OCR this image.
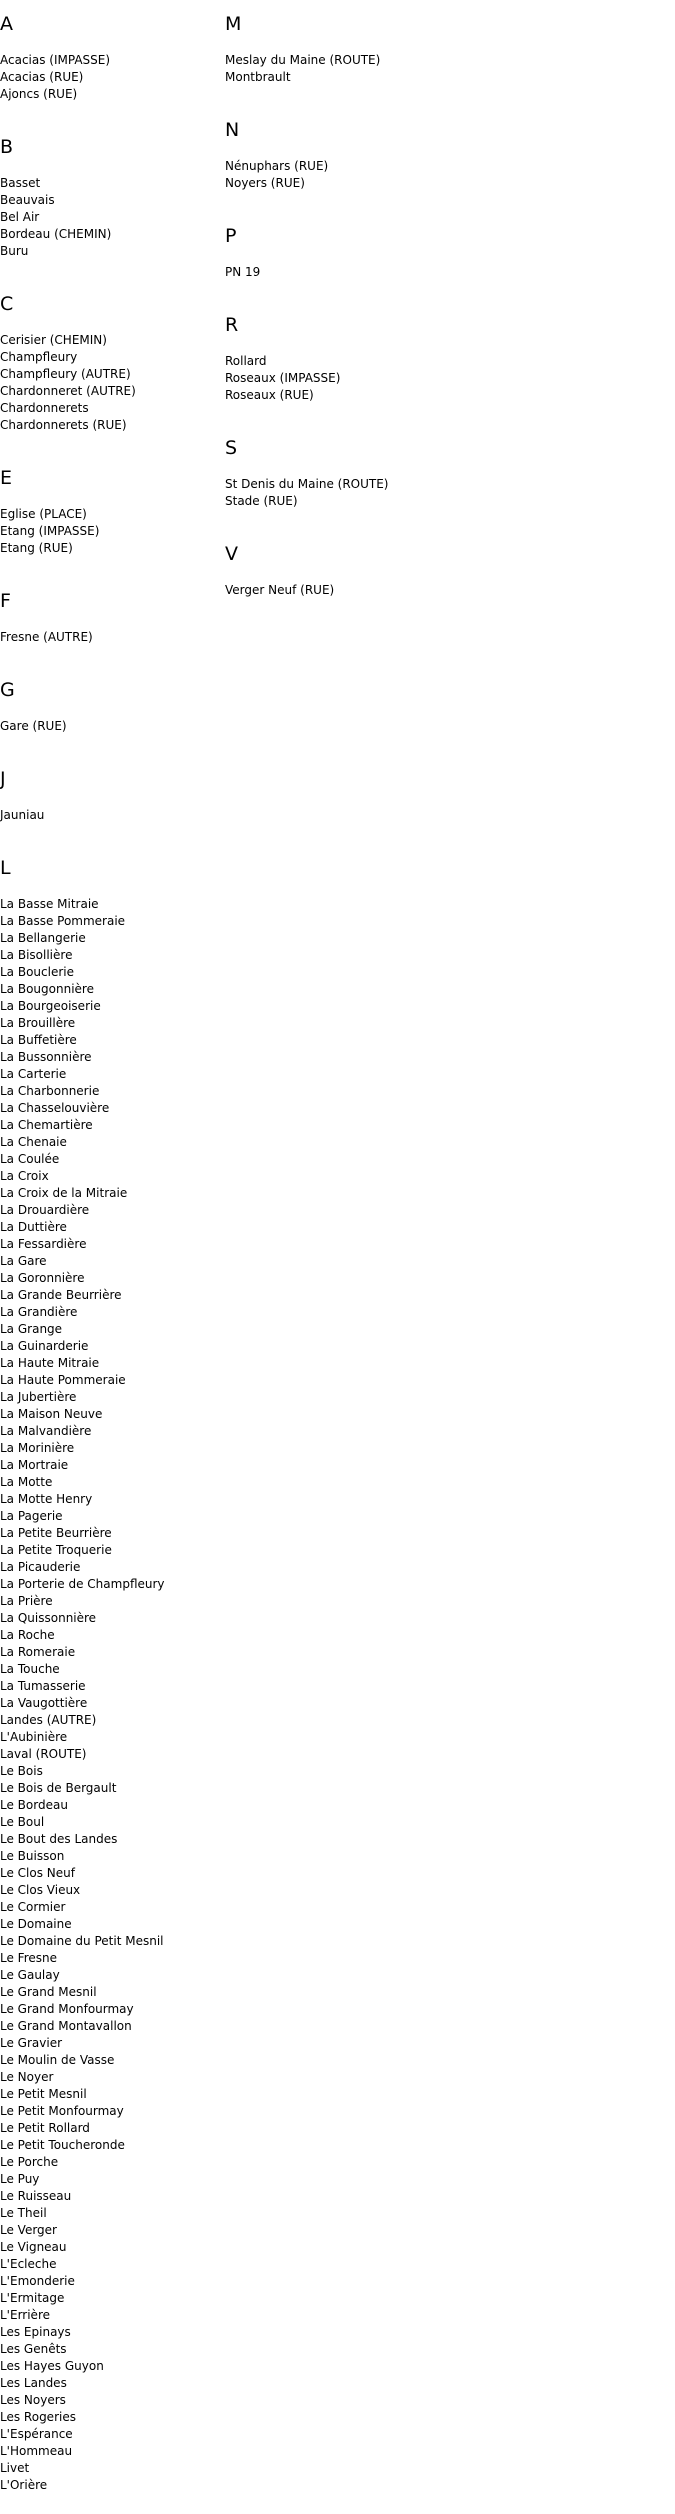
A
Acacias (IMPASSE)
Acacias (RUE)
Ajoncs (RUE)
B
Basset
Beauvais
Bel Air
Bordeau (CHEMIN)
Buru
C
Cerisier (CHEMIN)
Champfleury
Champfleury (AUTRE)
Chardonneret (AUTRE)
Chardonnerets
Chardonnerets (RUE)
E
Eglise (PLACE)
Etang (IMPASSE)
Etang (RUE)
F
Fresne (AUTRE)
G
Gare (RUE)
J
Jauniau
L
La Basse Mitraie
La Basse Pommeraie
La Bellangerie
La Bisollière
La Bouclerie
La Bougonnière
La Bourgeoiserie
La Brouillère
La Buffetière
La Bussonnière
La Carterie
La Charbonnerie
La Chasselouvière
La Chemartière
La Chenaie
La Coulée
La Croix
La Croix de la Mitraie
La Drouardière
La Duttière
La Fessardière
La Gare
La Goronnière
La Grande Beurrière
La Grandière
La Grange
La Guinarderie
La Haute Mitraie
La Haute Pommeraie
La Jubertière
La Maison Neuve
La Malvandière
La Morinière
La Mortraie
La Motte
La Motte Henry
La Pagerie
La Petite Beurrière
La Petite Troquerie
La Picauderie
La Porterie de Champfleury
La Prière
La Quissonnière
La Roche
La Romeraie
La Touche
La Tumasserie
La Vaugottière
Landes (AUTRE)
L'Aubinière
Laval (ROUTE)
Le Bois
Le Bois de Bergault
Le Bordeau
Le Boul
Le Bout des Landes
Le Buisson
Le Clos Neuf
Le Clos Vieux
Le Cormier
Le Domaine
Le Domaine du Petit Mesnil
Le Fresne
Le Gaulay
Le Grand Mesnil
Le Grand Monfourmay
Le Grand Montavallon
Le Gravier
Le Moulin de Vasse
Le Noyer
Le Petit Mesnil
Le Petit Monfourmay
Le Petit Rollard
Le Petit Toucheronde
Le Porche
Le Puy
Le Ruisseau
Le Theil
Le Verger
Le Vigneau
L'Ecleche
L'Emonderie
L'Ermitage
L'Errière
Les Epinays
Les Genêts
Les Hayes Guyon
Les Landes
Les Noyers
Les Rogeries
L'Espérance
L'Hommeau
Livet
L'Orière
M
Meslay du Maine (ROUTE)
Montbrault
N
Nénuphars (RUE)
Noyers (RUE)
P
PN 19
R
Rollard
Roseaux (IMPASSE)
Roseaux (RUE)
S
St Denis du Maine (ROUTE)
Stade (RUE)
V
Verger Neuf (RUE)
